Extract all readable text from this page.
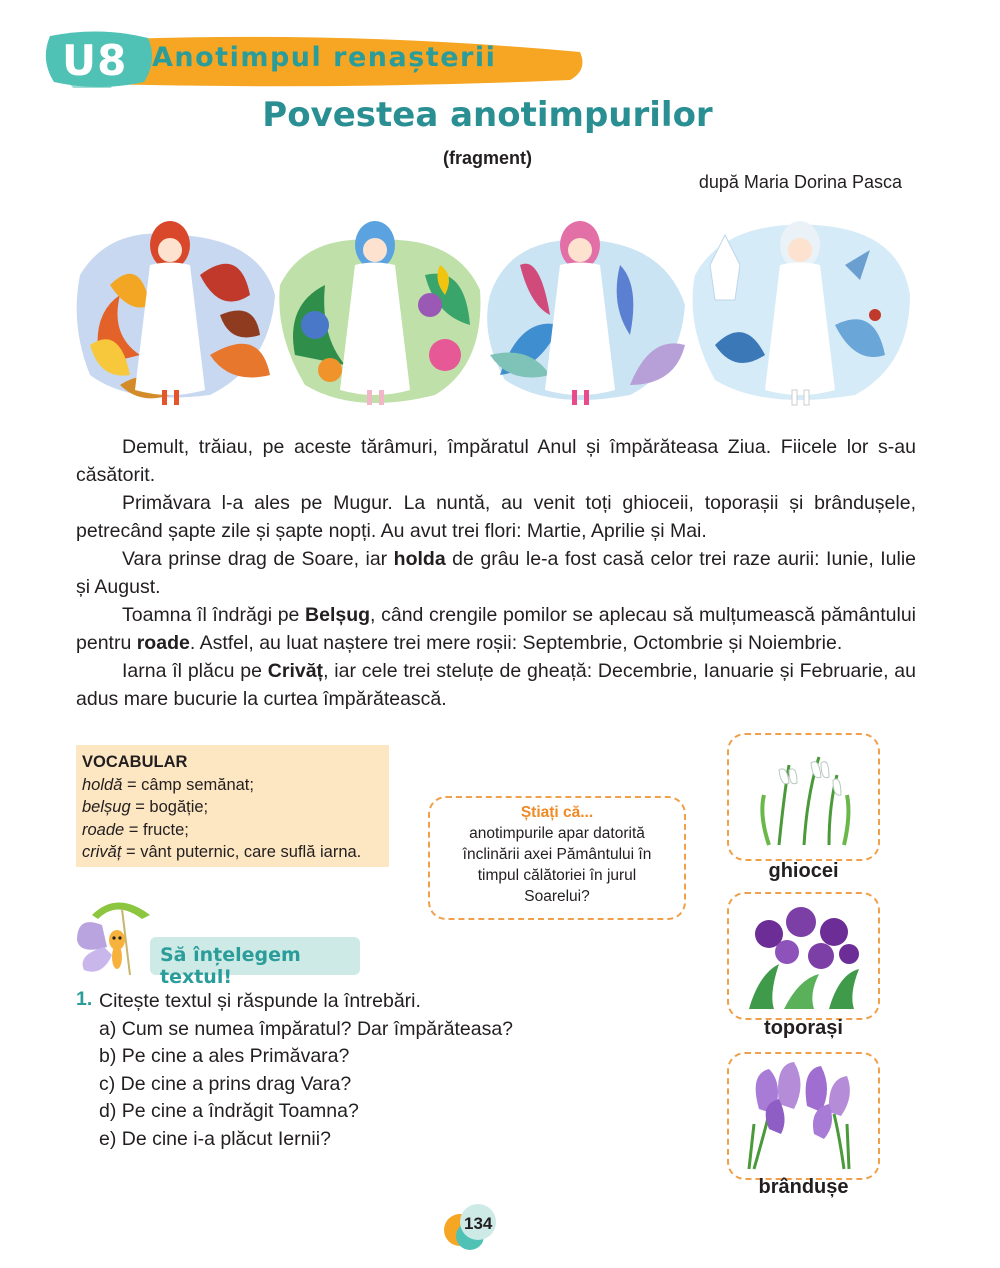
U8 Anotimpul renașterii
Povestea anotimpurilor
(fragment)
după Maria Dorina Pasca

Demult, trăiau, pe aceste tărâmuri, împăratul Anul și împărăteasa Ziua. Fiicele lor s-au căsătorit.

Primăvara l-a ales pe Mugur. La nuntă, au venit toți ghioceii, toporașii și brândușele, petrecând șapte zile și șapte nopți. Au avut trei flori: Martie, Aprilie și Mai.

Vara prinse drag de Soare, iar holda de grâu le-a fost casă celor trei raze aurii: Iunie, Iulie și August.

Toamna îl îndrăgi pe Belșug, când crengile pomilor se aplecau să mulțumească pământului pentru roade. Astfel, au luat naștere trei mere roșii: Septembrie, Octombrie și Noiembrie.

Iarna îl plăcu pe Crivăț, iar cele trei steluțe de gheață: Decembrie, Ianuarie și Februarie, au adus mare bucurie la curtea împărătească.

VOCABULAR
holdă = câmp semănat;
belșug = bogăție;
roade = fructe;
crivăț = vânt puternic, care suflă iarna.
Știați că...
anotimpurile apar datorită înclinării axei Pământului în timpul călătoriei în jurul Soarelui?
Să înțelegem textul!
1. Citește textul și răspunde la întrebări.
a) Cum se numea împăratul? Dar împărăteasa?
b) Pe cine a ales Primăvara?
c) De cine a prins drag Vara?
d) Pe cine a îndrăgit Toamna?
e) De cine i-a plăcut Iernii?
ghiocei
toporași
brândușe
134
